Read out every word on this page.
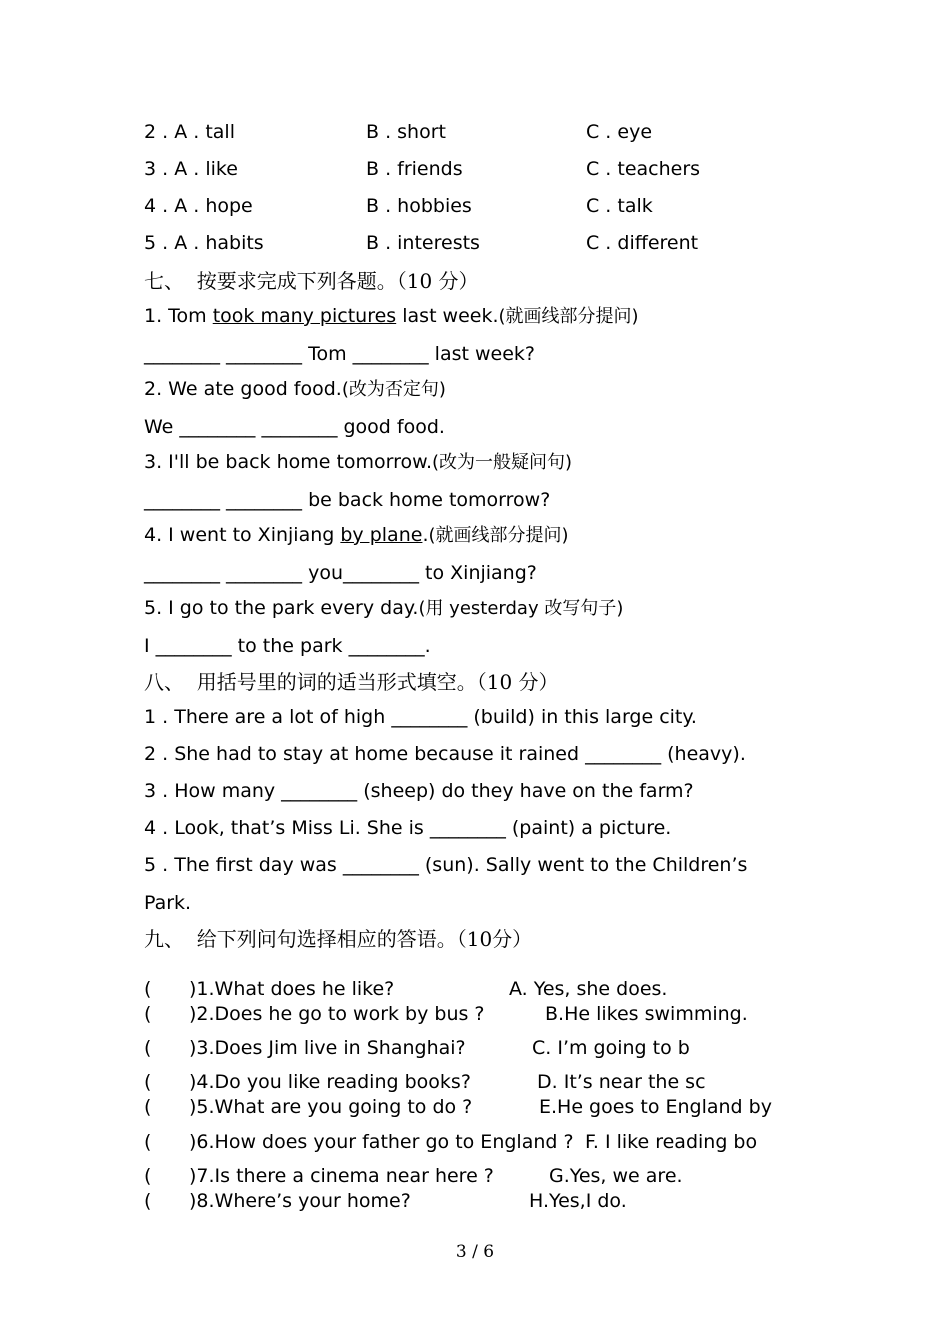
2 . A . tall	B . short	C . eye
3 . A . like	B . friends	C . teachers
4 . A . hope	B . hobbies	C . talk
5 . A . habits	B . interests	C . different
七、  按要求完成下列各题。（10 分）
1. Tom took many pictures last week.(就画线部分提问)
________ ________ Tom ________ last week?
2. We ate good food.(改为否定句)
We ________ ________ good food.
3. I'll be back home tomorrow.(改为一般疑问句)
________ ________ be back home tomorrow?
4. I went to Xinjiang by plane.(就画线部分提问)
________ ________ you________ to Xinjiang?
5. I go to the park every day.(用 yesterday 改写句子)
I ________ to the park ________.
八、  用括号里的词的适当形式填空。（10 分）
1 . There are a lot of high ________ (build) in this large city.
2 . She had to stay at home because it rained ________ (heavy).
3 . How many ________ (sheep) do they have on the farm?
4 . Look, that’s Miss Li. She is ________ (paint) a picture.
5 . The first day was ________ (sun). Sally went to the Children’s
Park.
九、  给下列问句选择相应的答语。（10分）
( )1.What does he like?	A. Yes, she does.
( )2.Does he go to work by bus ?	B.He likes swimming.
( )3.Does Jim live in Shanghai?	C. I’m going to b
( )4.Do you like reading books?	D. It’s near the sc
( )5.What are you going to do ?	E.He goes to England by
( )6.How does your father go to England ? F. I like reading bo
( )7.Is there a cinema near here ?	G.Yes, we are.
( )8.Where’s your home?	H.Yes,I do.
3 / 6
